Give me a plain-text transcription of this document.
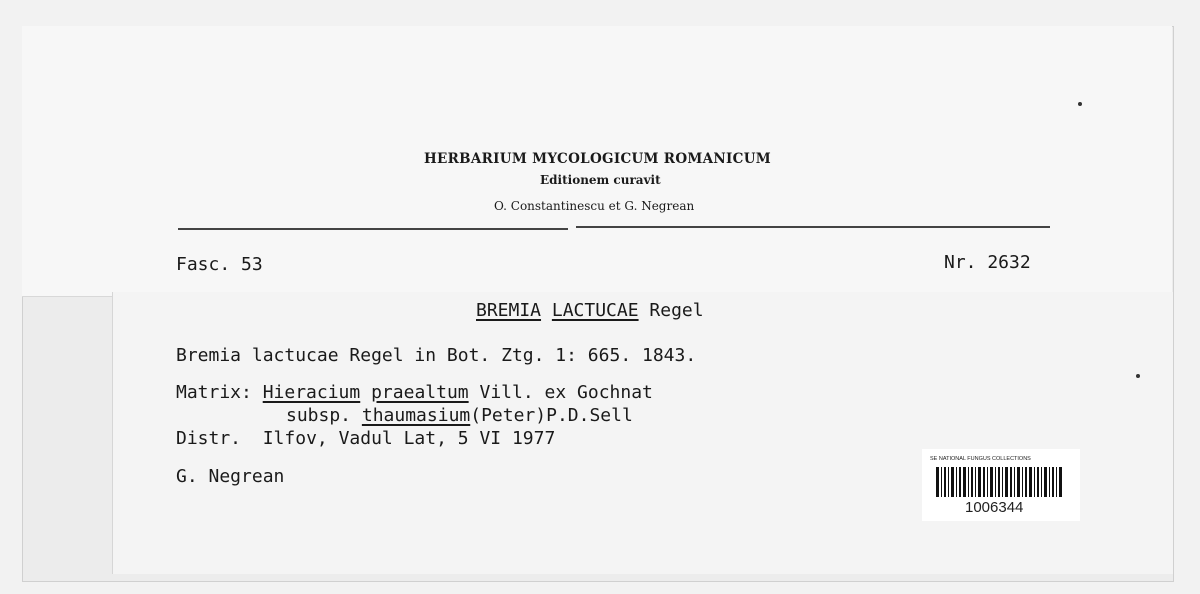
HERBARIUM MYCOLOGICUM ROMANICUM
Editionem curavit
O. Constantinescu et G. Negrean
Fasc. 53	Nr. 2632
BREMIA LACTUCAE Regel
Bremia lactucae Regel in Bot. Ztg. 1: 665. 1843.
Matrix: Hieracium praealtum Vill. ex Gochnat
subsp. thaumasium(Peter)P.D.Sell
Distr. Ilfov, Vadul Lat, 5 VI 1977
G. Negrean
SE NATIONAL FUNGUS COLLECTIONS
1006344
